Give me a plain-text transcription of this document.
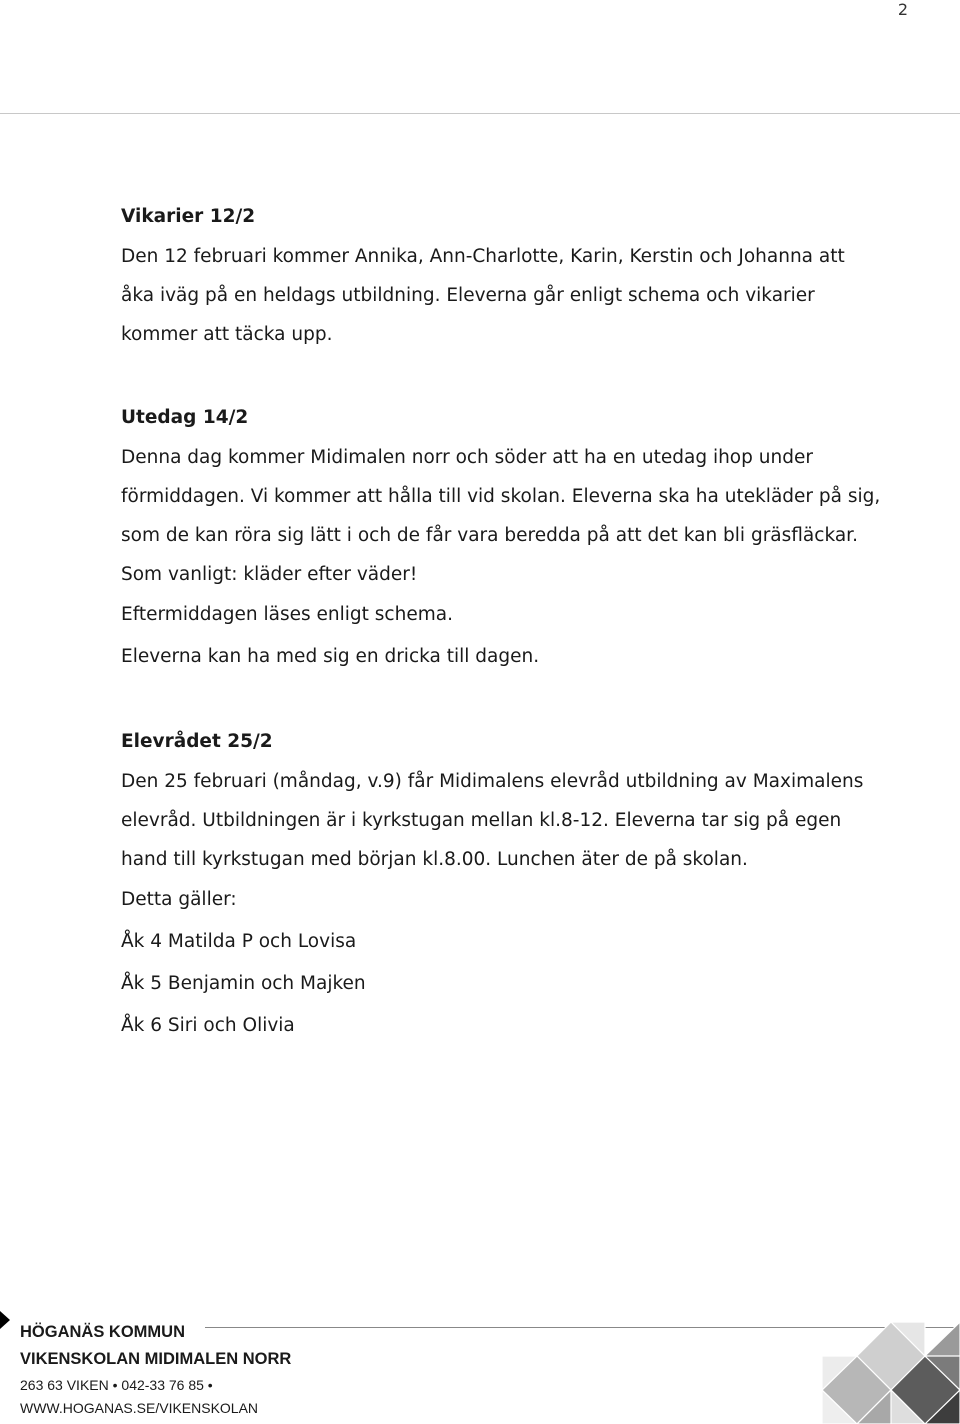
2
Vikarier 12/2
Den 12 februari kommer Annika, Ann-Charlotte, Karin, Kerstin och Johanna att
åka iväg på en heldags utbildning. Eleverna går enligt schema och vikarier
kommer att täcka upp.
Utedag 14/2
Denna dag kommer Midimalen norr och söder att ha en utedag ihop under
förmiddagen. Vi kommer att hålla till vid skolan. Eleverna ska ha utekläder på sig,
som de kan röra sig lätt i och de får vara beredda på att det kan bli gräsfläckar.
Som vanligt: kläder efter väder!
Eftermiddagen läses enligt schema.
Eleverna kan ha med sig en dricka till dagen.
Elevrådet 25/2
Den 25 februari (måndag, v.9) får Midimalens elevråd utbildning av Maximalens
elevråd. Utbildningen är i kyrkstugan mellan kl.8-12. Eleverna tar sig på egen
hand till kyrkstugan med början kl.8.00. Lunchen äter de på skolan.
Detta gäller:
Åk 4 Matilda P och Lovisa
Åk 5 Benjamin och Majken
Åk 6 Siri och Olivia
HÖGANÄS KOMMUN
VIKENSKOLAN MIDIMALEN NORR
263 63 VIKEN • 042-33 76 85 •
WWW.HOGANAS.SE/VIKENSKOLAN
